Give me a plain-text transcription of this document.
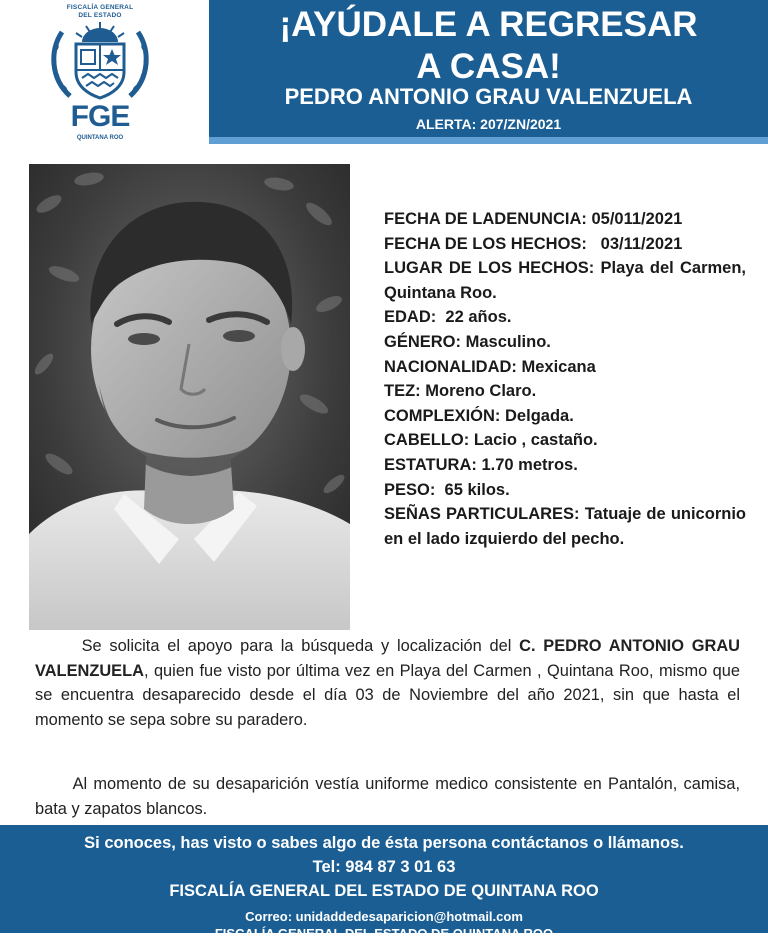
FISCALÍA GENERAL
DEL ESTADO
FGE
QUINTANA ROO
¡AYÚDALE A REGRESAR
A CASA!
PEDRO ANTONIO GRAU VALENZUELA
ALERTA: 207/ZN/2021

FECHA DE LADENUNCIA: 05/011/2021

FECHA DE LOS HECHOS: 03/11/2021

LUGAR DE LOS HECHOS: Playa del Carmen, Quintana Roo.

EDAD: 22 años.

GÉNERO: Masculino.

NACIONALIDAD: Mexicana

TEZ: Moreno Claro.

COMPLEXIÓN: Delgada.

CABELLO: Lacio , castaño.

ESTATURA: 1.70 metros.

PESO: 65 kilos.

SEÑAS PARTICULARES: Tatuaje de unicornio en el lado izquierdo del pecho.

Se solicita el apoyo para la búsqueda y localización del C. PEDRO ANTONIO GRAU VALENZUELA, quien fue visto por última vez en Playa del Carmen , Quintana Roo, mismo que se encuentra desaparecido desde el día 03 de Noviembre del año 2021, sin que hasta el momento se sepa sobre su paradero.

Al momento de su desaparición vestía uniforme medico consistente en Pantalón, camisa, bata y zapatos blancos.

Si conoces, has visto o sabes algo de ésta persona contáctanos o llámanos.
Tel: 984 87 3 01 63
FISCALÍA GENERAL DEL ESTADO DE QUINTANA ROO
Correo: unidaddedesaparicion@hotmail.com
FISCALÍA GENERAL DEL ESTADO DE QUINTANA ROO
